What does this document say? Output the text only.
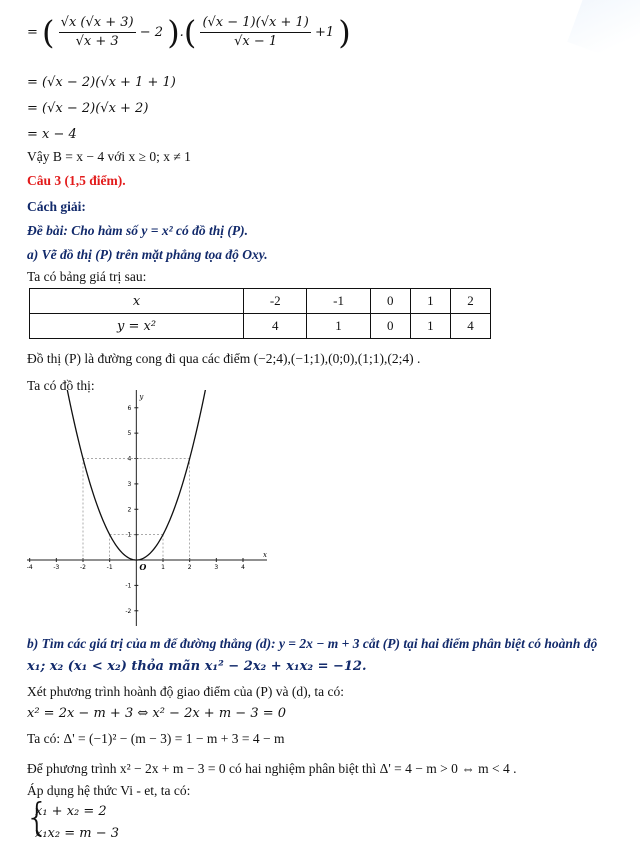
= ( $\frac{√x (√x + 3)}{√x + 3} - 2$ ).( $\frac{(√x - 1)(√x + 1)}{√x - 1} +1$ )
= (√x − 2)(√x + 1 + 1)
= (√x − 2)(√x + 2)
= x − 4
Vậy B = x − 4 với x ≥ 0; x ≠ 1
Câu 3 (1,5 điểm).
Cách giải:
Đề bài: Cho hàm số y = x² có đồ thị (P).
a) Vẽ đồ thị (P) trên mặt phẳng tọa độ Oxy.
Ta có bảng giá trị sau:
x	-2	-1	0	1	2
y = x²	4	1	0	1	4
Đồ thị (P) là đường cong đi qua các điểm (−2;4),(−1;1),(0;0),(1;1),(2;4) .
Ta có đồ thị:
-4	-3	-2	-1	1	2	3	4
-2
-1
1
2
3
4
5
6
x
y
O
b) Tìm các giá trị của m để đường thẳng (d): y = 2x − m + 3 cắt (P) tại hai điểm phân biệt có hoành độ
x₁; x₂ (x₁ < x₂) thỏa mãn x₁² − 2x₂ + x₁x₂ = −12.
Xét phương trình hoành độ giao điểm của (P) và (d), ta có:
x² = 2x − m + 3 ⇔ x² − 2x + m − 3 = 0
Ta có: Δ' = (−1)² − (m − 3) = 1 − m + 3 = 4 − m
Để phương trình x² − 2x + m − 3 = 0 có hai nghiệm phân biệt thì Δ' = 4 − m > 0 ⇔ m < 4 .
Áp dụng hệ thức Vi - et, ta có:
{
x₁ + x₂ = 2
x₁x₂ = m − 3
